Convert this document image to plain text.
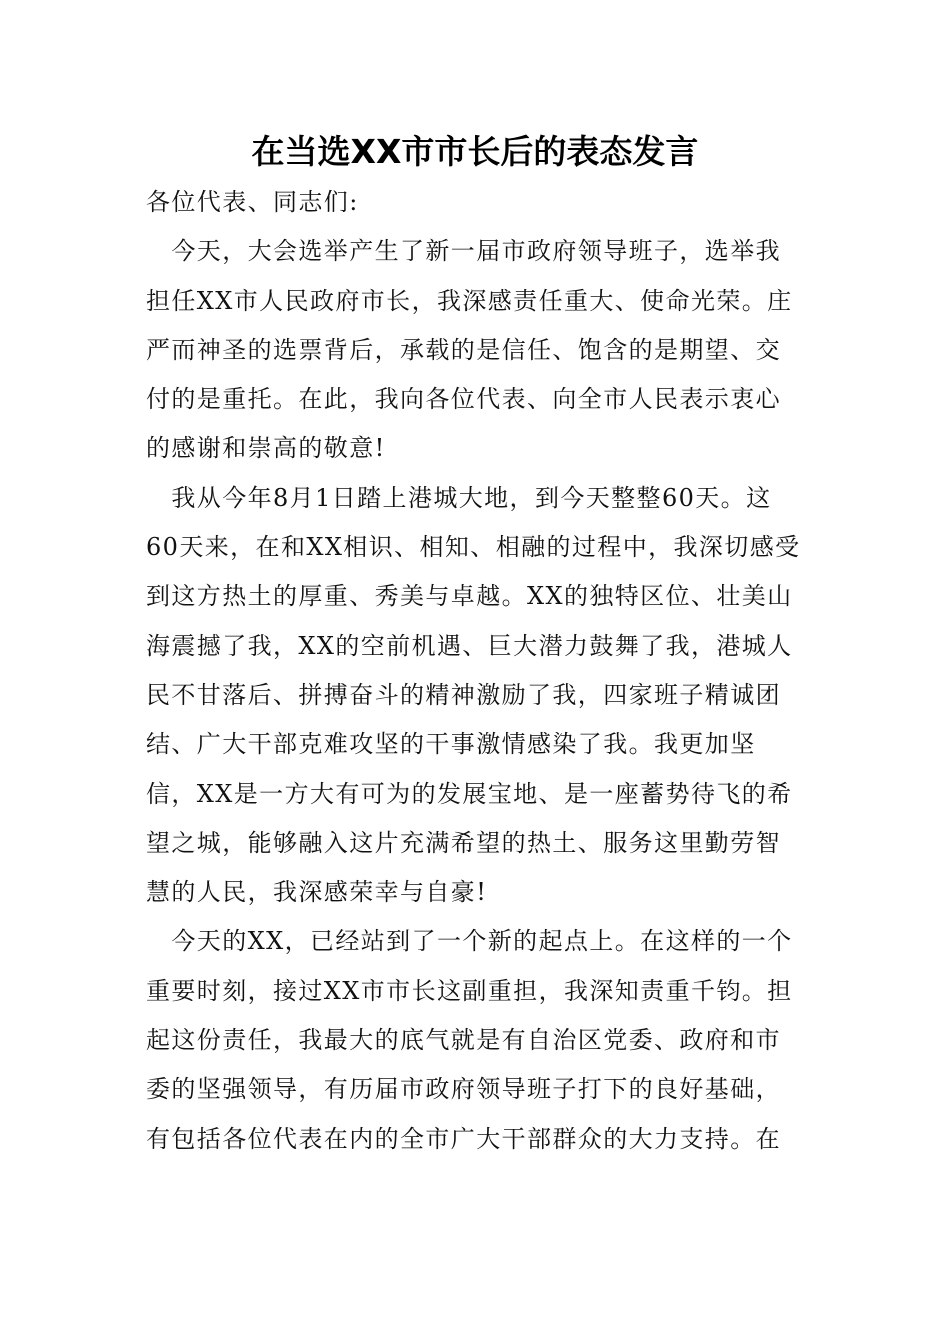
在当选XX市市长后的表态发言
各位代表、同志们:
　今天，大会选举产生了新一届市政府领导班子，选举我
担任XX市人民政府市长，我深感责任重大、使命光荣。庄
严而神圣的选票背后，承载的是信任、饱含的是期望、交
付的是重托。在此，我向各位代表、向全市人民表示衷心
的感谢和崇高的敬意!
　我从今年8月1日踏上港城大地，到今天整整60天。这
60天来，在和XX相识、相知、相融的过程中，我深切感受
到这方热土的厚重、秀美与卓越。XX的独特区位、壮美山
海震撼了我，XX的空前机遇、巨大潜力鼓舞了我，港城人
民不甘落后、拼搏奋斗的精神激励了我，四家班子精诚团
结、广大干部克难攻坚的干事激情感染了我。我更加坚
信，XX是一方大有可为的发展宝地、是一座蓄势待飞的希
望之城，能够融入这片充满希望的热土、服务这里勤劳智
慧的人民，我深感荣幸与自豪!
　今天的XX，已经站到了一个新的起点上。在这样的一个
重要时刻，接过XX市市长这副重担，我深知责重千钧。担
起这份责任，我最大的底气就是有自治区党委、政府和市
委的坚强领导，有历届市政府领导班子打下的良好基础，
有包括各位代表在内的全市广大干部群众的大力支持。在
